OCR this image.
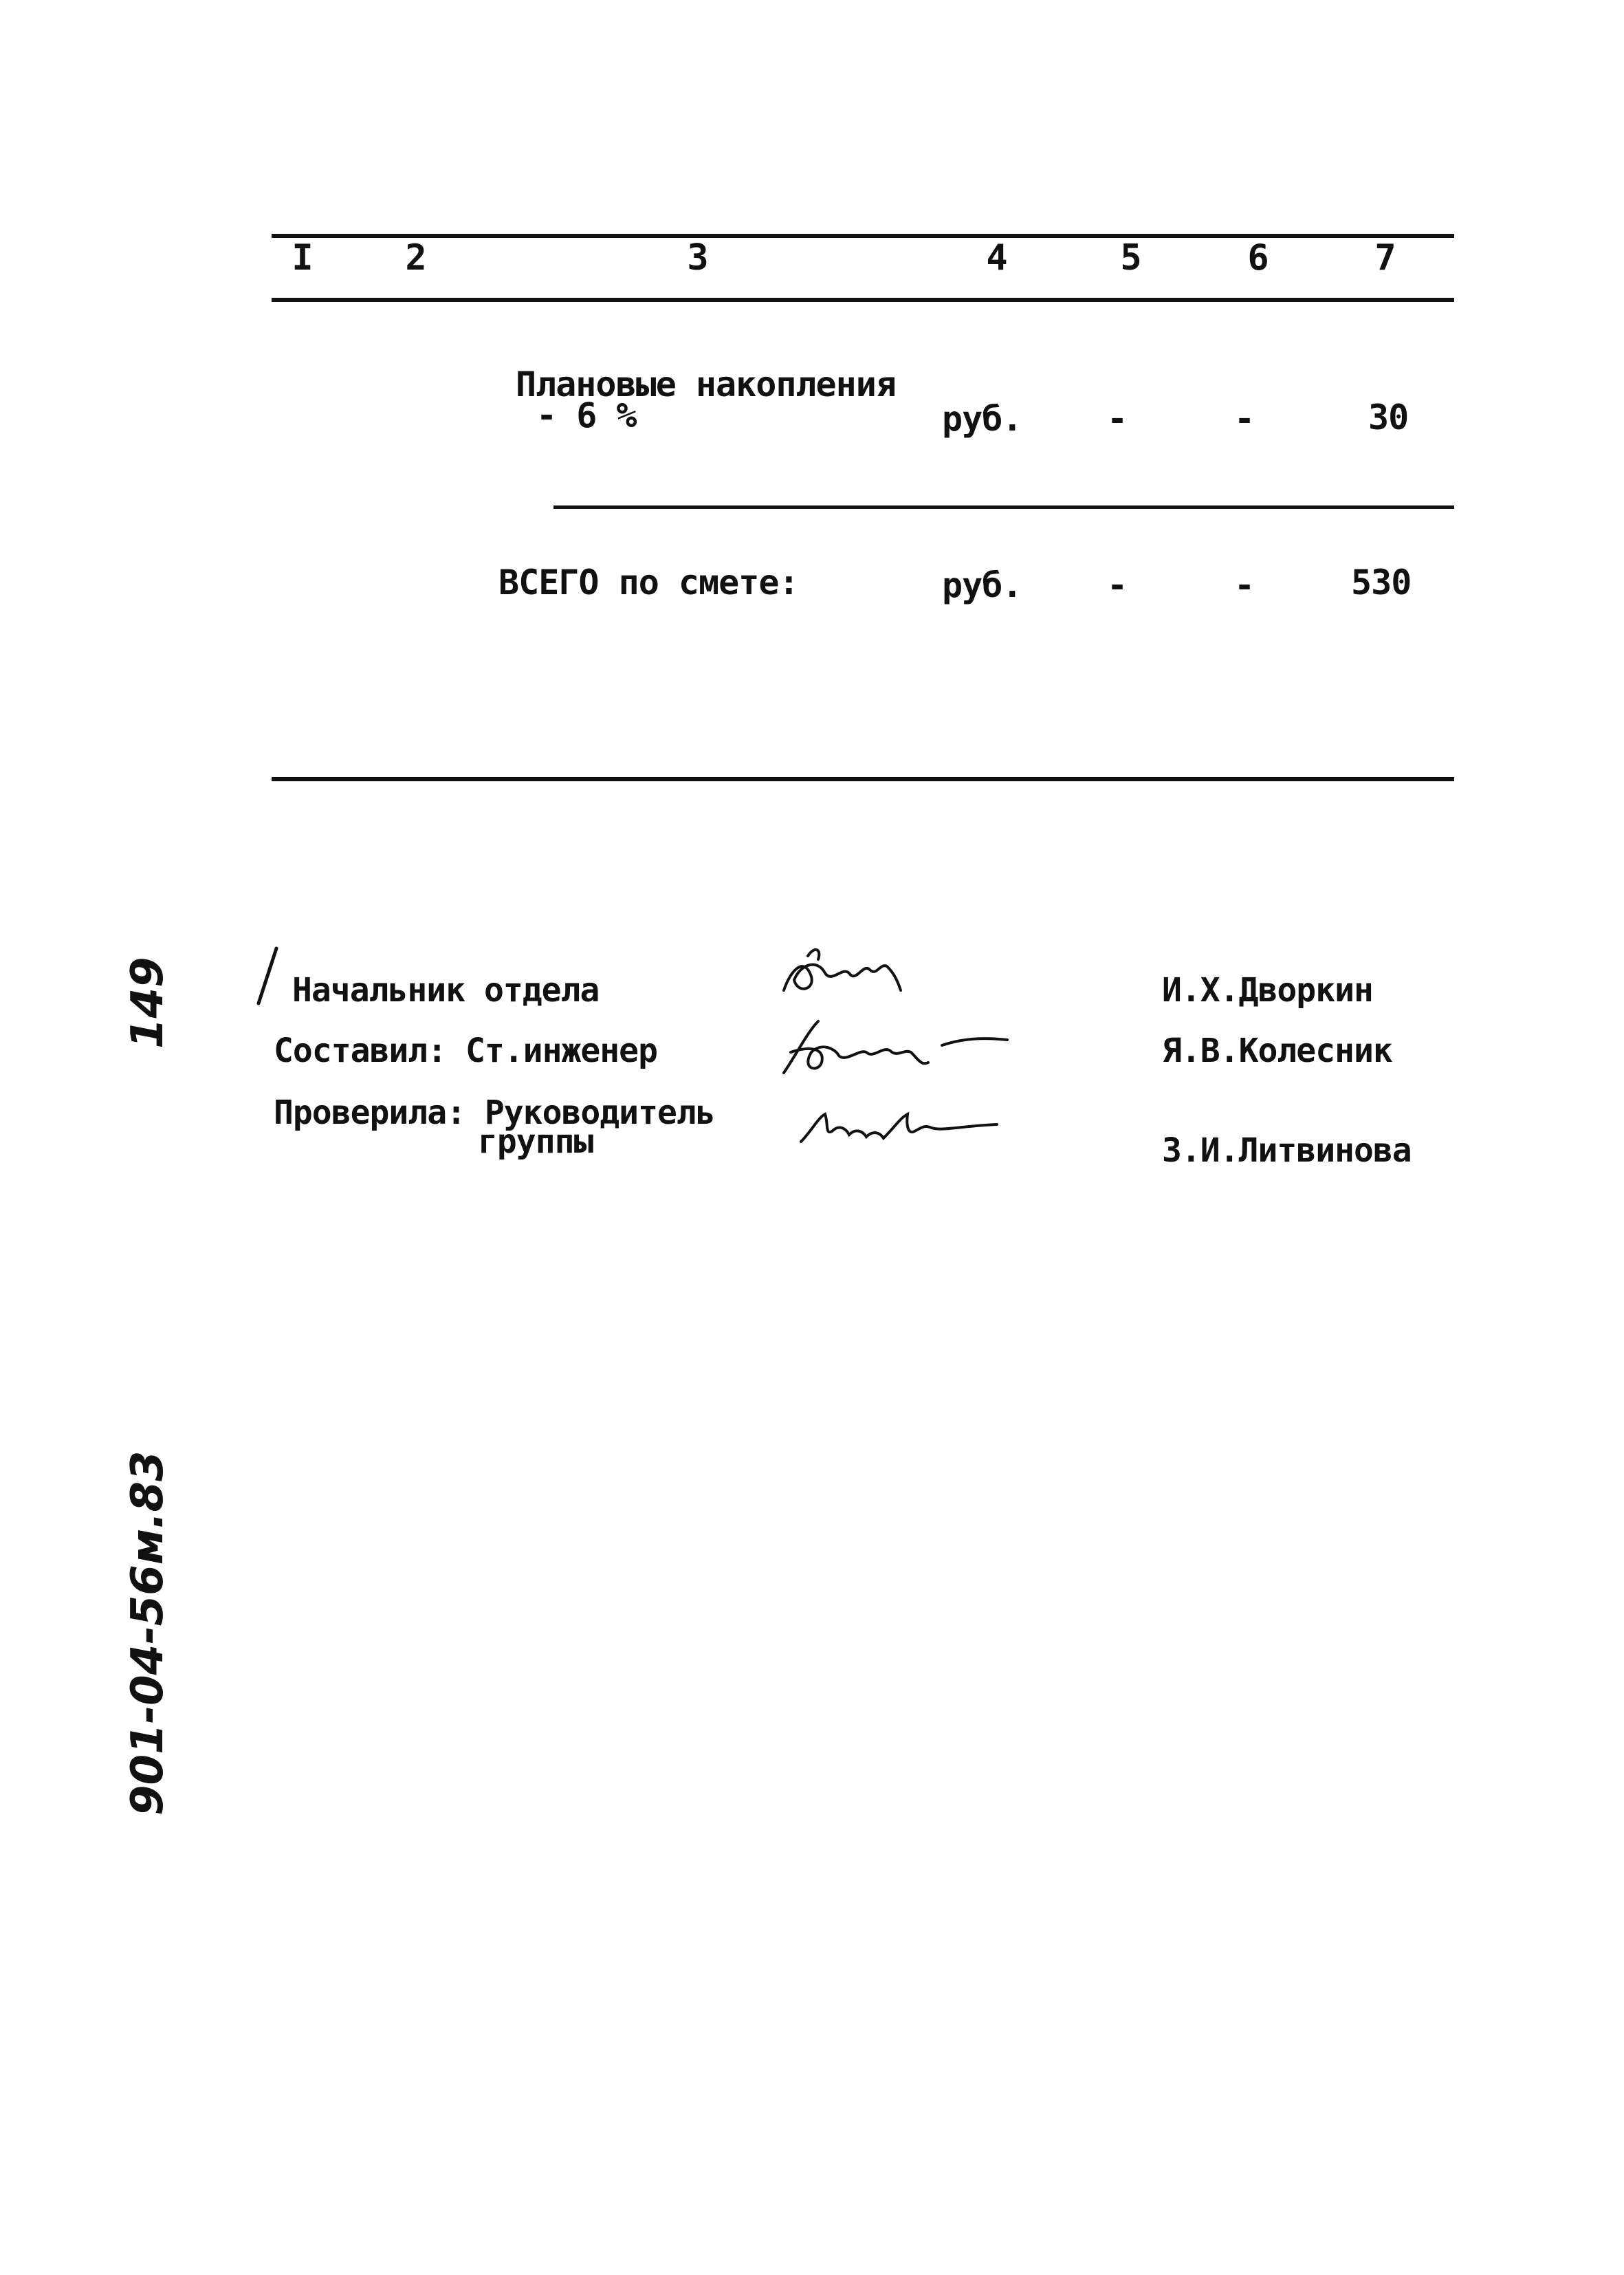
I	2	3	4	5	6	7
Плановые накопления
- 6 %	руб. -	-	30
ВСЕГО по смете:	руб. -	-	530
Начальник отдела
Составил: Ст.инженер
Проверила: Руководитель
группы
И.Х.Дворкин
Я.В.Колесник
З.И.Литвинова
149
901-04-56м.83
